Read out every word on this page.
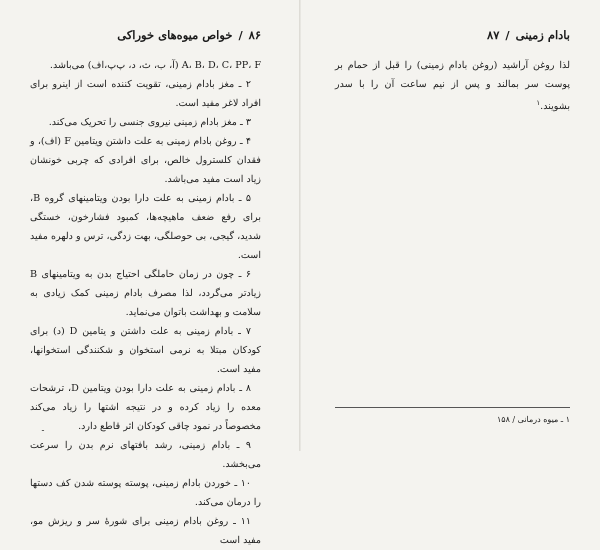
۸۶
/
خواص میوه‌های خوراکی

A، B، D، C، PP، F (آ، ب، ث، د، پ‌پ،اف) می‌باشد.

۲ ـ مغز بادام زمینی، تقویت کننده است از اینرو برای افراد لاغر مفید است.

۳ ـ مغز بادام زمینی نیروی جنسی را تحریک می‌کند.

۴ ـ روغن بادام زمینی به علت داشتن ویتامین F (اف)، و فقدان کلسترول خالص، برای افرادی که چربی خونشان زیاد است مفید می‌باشد.

۵ ـ بادام زمینی به علت دارا بودن ویتامینهای گروه B، برای رفع ضعف ماهیچه‌ها، کمبود فشارخون، خستگی شدید، گیجی، بی حوصلگی، بهت زدگی، ترس و دلهره مفید است.

۶ ـ چون در زمان حاملگی احتیاج بدن به ویتامینهای B زیادتر می‌گردد، لذا مصرف بادام زمینی کمک زیادی به سلامت و بهداشت باتوان می‌نماید.

۷ ـ بادام زمینی به علت داشتن و یتامین D (د) برای کودکان مبتلا به نرمی استخوان و شکنندگی استخوانها، مفید است.

۸ ـ بادام زمینی به علت دارا بودن ویتامین D، ترشحات معده را زیاد کرده و در نتیجه اشتها را زیاد می‌کند مخصوصاً در نمود چاقی کودکان اثر قاطع دارد.

۹ ـ بادام زمینی، رشد بافتهای نرم بدن را سرعت می‌بخشد.

۱۰ ـ خوردن بادام زمینی، پوسته پوسته شدن کف دستها را درمان می‌کند.

۱۱ ـ روغن بادام زمینی برای شورهٔ سر و ریزش مو، مفید است

۔
بادام زمینی
/
۸۷

لذا روغن آراشید (روغن بادام زمینی) را قبل از حمام بر پوست سر بمالند و پس از نیم ساعت آن را با سدر بشویند.$^۱$

۱ ـ میوه درمانی / ۱۵۸
